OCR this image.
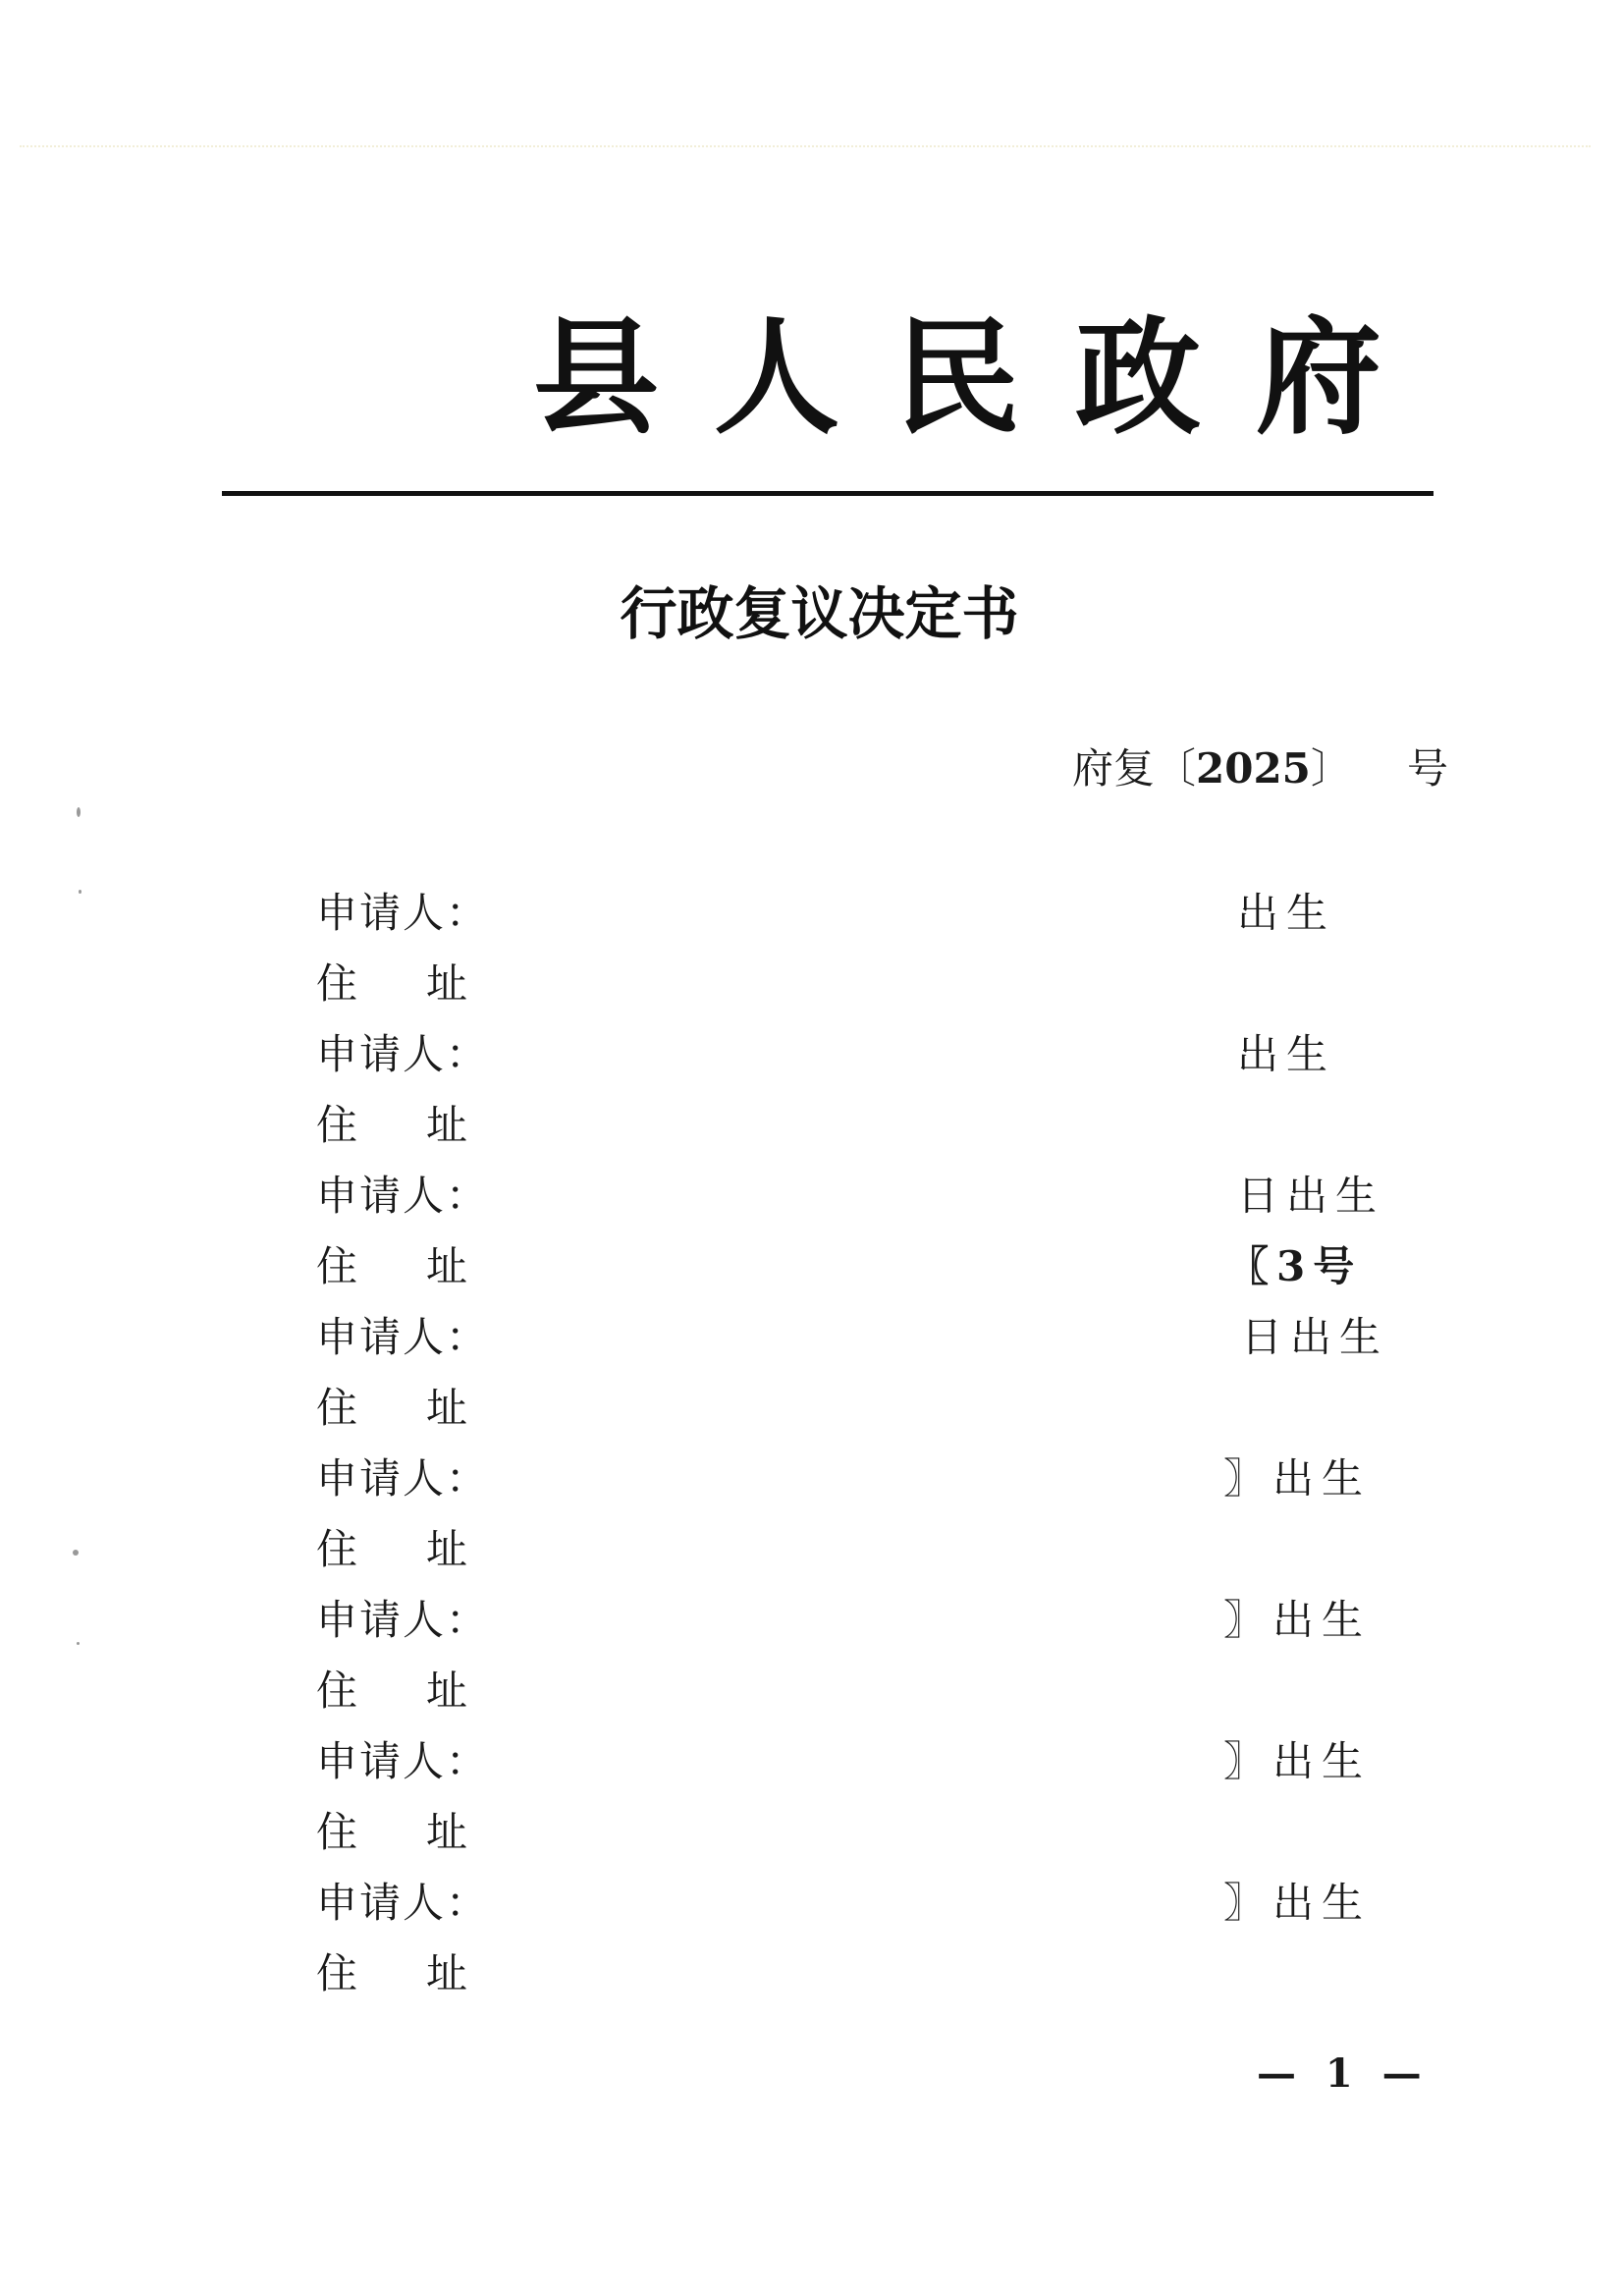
县人民政府
行政复议决定书
府复〔2025〕 号
申请人：	出生
住址
申请人：	出生
住址
申请人：	日出生
住址	〖3号
申请人：	日出生
住址
申请人：	〗出生
住址
申请人：	〗出生
住址
申请人：	〗出生
住址
申请人：	〗出生
住址
— 1 —
